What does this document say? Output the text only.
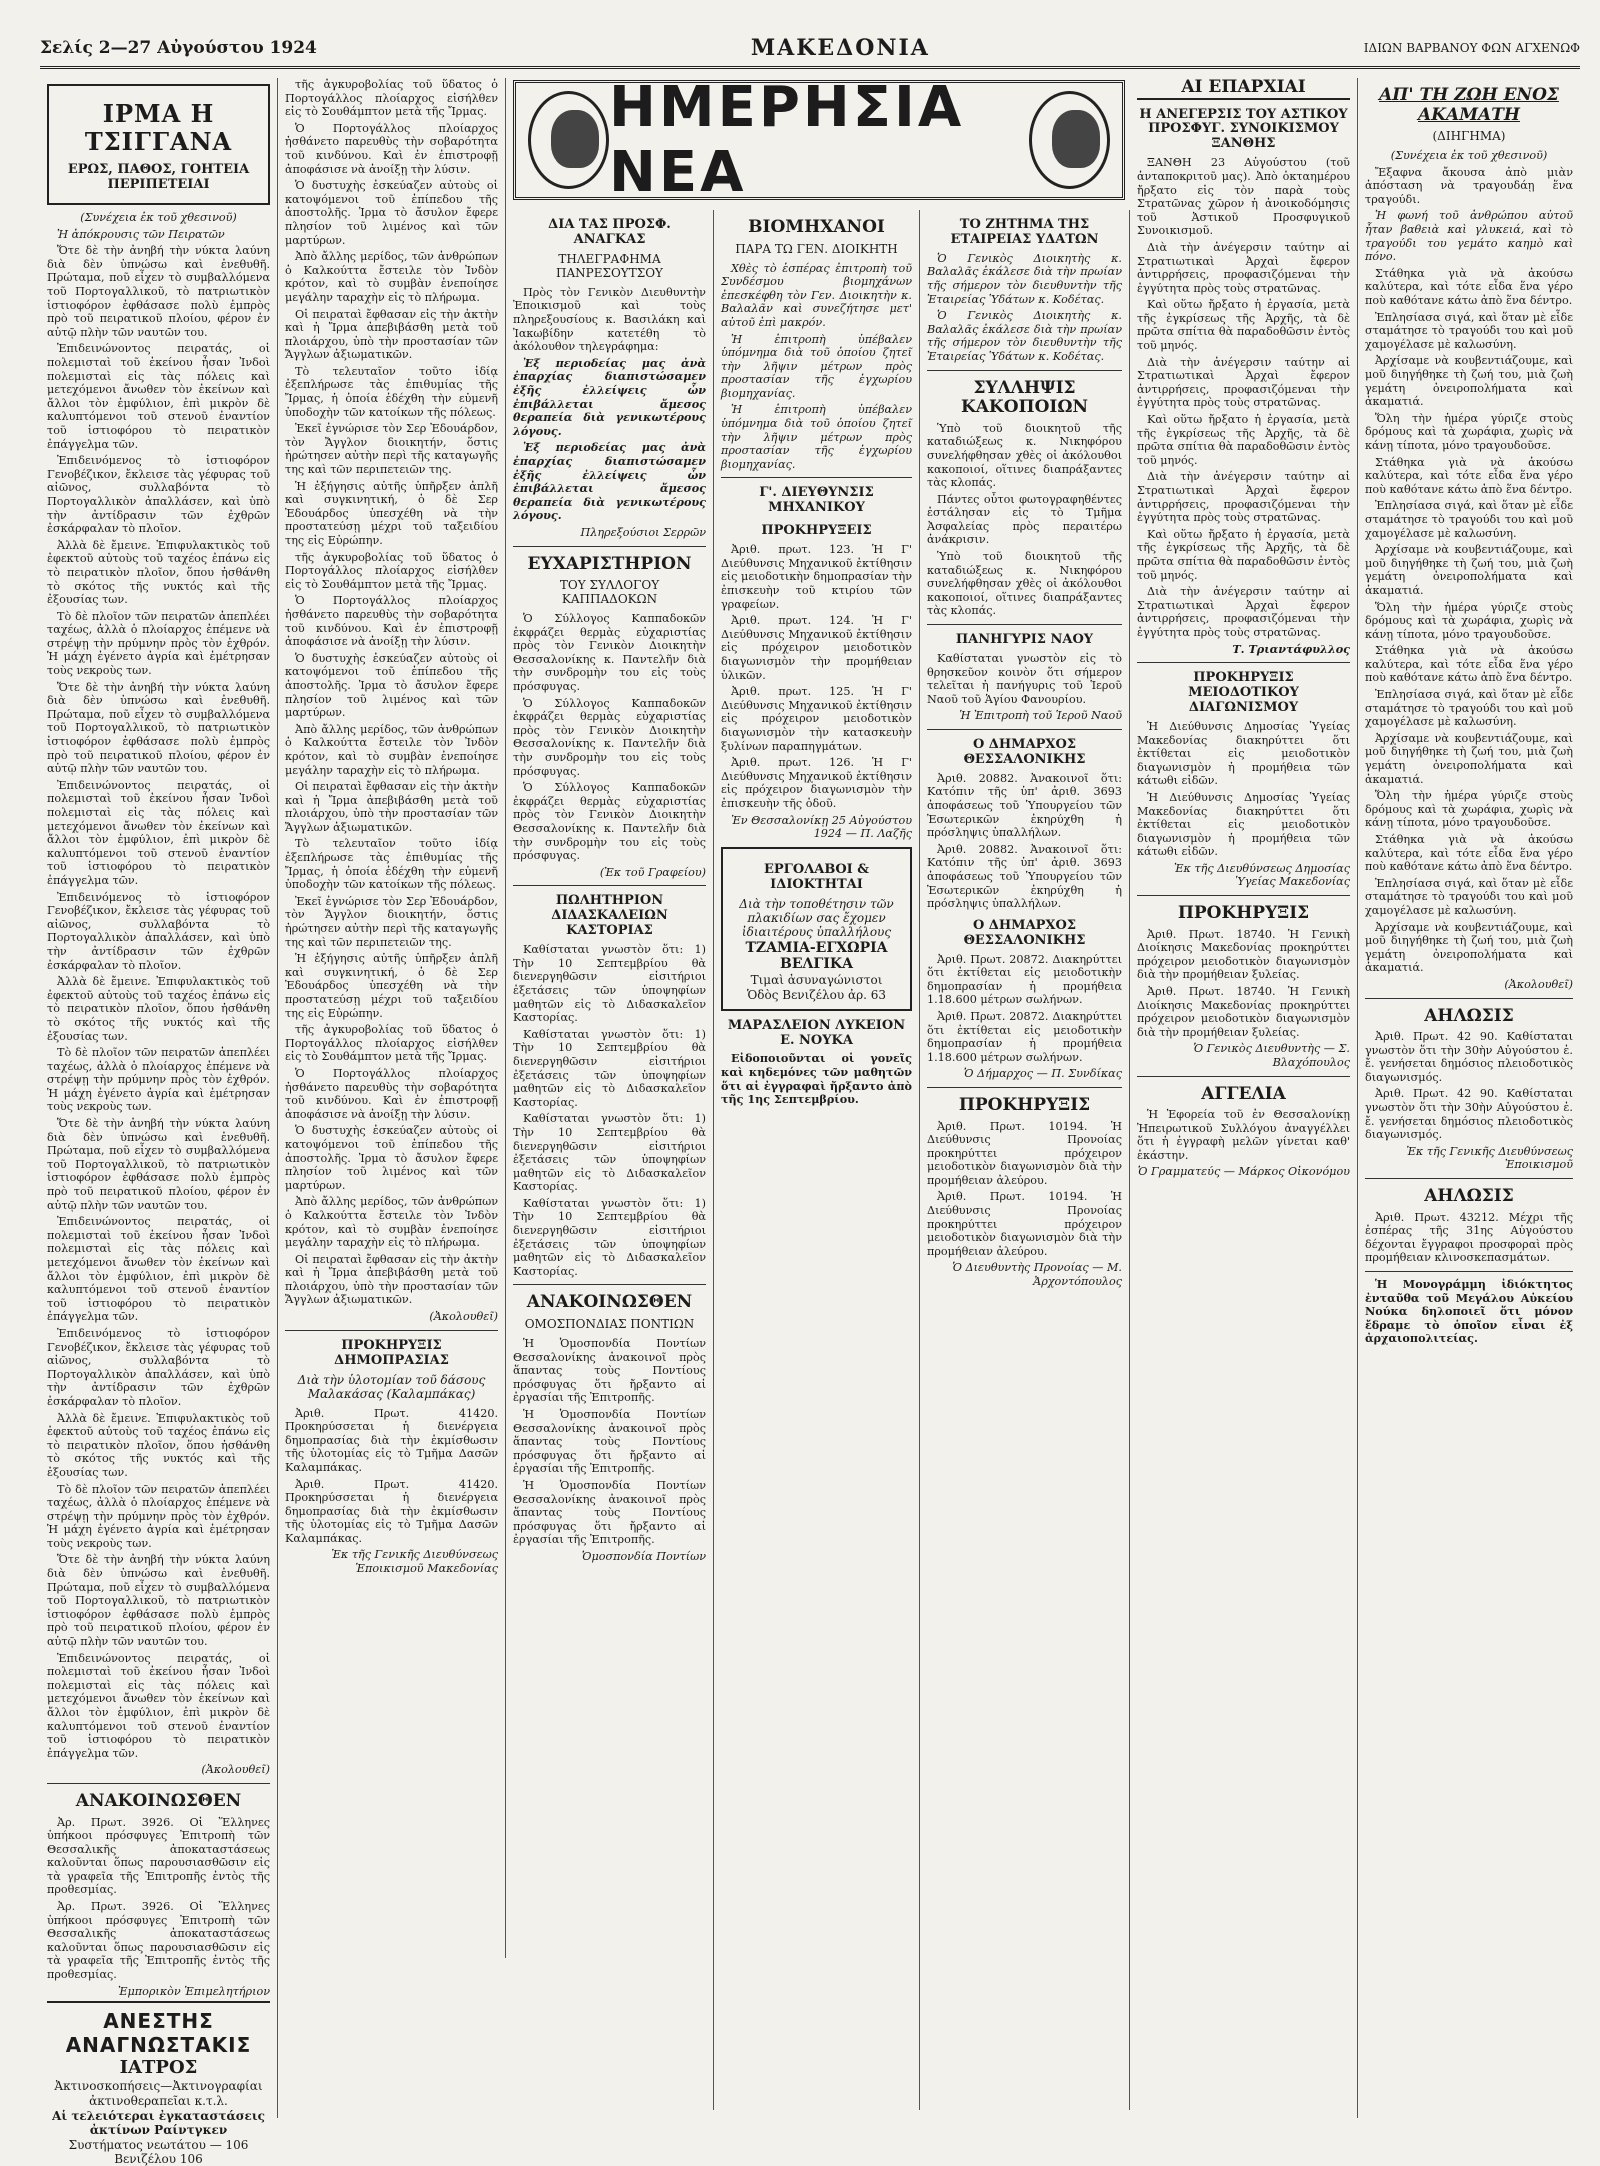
Σελίς 2—27 Αὐγούστου 1924	ΜΑΚΕΔΟΝΙΑ	ΙΔΙΩΝ ΒΑΡΒΑΝΟΥ ΦΩΝ ΑΓΧΕΝΩΦ
ΗΜΕΡΗΣΙΑ ΝΕΑ
ΙΡΜΑ Η ΤΣΙΓΓΑΝΑ
ΕΡΩΣ, ΠΑΘΟΣ, ΓΟΗΤΕΙΑ ΠΕΡΙΠΕΤΕΙΑΙ

(Συνέχεια ἐκ τοῦ χθεσινοῦ)

Ἡ ἀπόκρουσις τῶν Πειρατῶν

Ὅτε δὲ τὴν ἀνηβή τὴν νύκτα λαύνη διὰ δὲν ὑπνώσω καὶ ἐνεθυθῆ. Πρώταμα, ποῦ εἶχεν τὸ συμβαλλόμενα τοῦ Πορτογαλλικοῦ, τὸ πατριωτικὸν ἱστιοφόρον ἐφθάσασε πολὺ ἐμπρὸς πρὸ τοῦ πειρατικοῦ πλοίου, φέρον ἐν αὐτῷ πλὴν τῶν ναυτῶν του.

Ἐπιδεινώνοντος πειρατάς, οἱ πολεμισταὶ τοῦ ἐκείνου ἦσαν Ἰνδοὶ πολεμισταὶ εἰς τὰς πόλεις καὶ μετεχόμενοι ἄνωθεν τὸν ἐκείνων καὶ ἄλλοι τὸν ἐμφύλιον, ἐπὶ μικρὸν δὲ καλυπτόμενοι τοῦ στενοῦ ἐναντίον τοῦ ἱστιοφόρου τὸ πειρατικὸν ἐπάγγελμα τῶν.

Ἐπιδεινόμενος τὸ ἱστιοφόρον Γενοβέζικον, ἔκλεισε τὰς γέφυρας τοῦ αἰῶνος, συλλαβόντα τὸ Πορτογαλλικὸν ἀπαλλάσεν, καὶ ὑπὸ τὴν ἀντίδρασιν τῶν ἐχθρῶν ἐσκάρφαλαν τὸ πλοῖον.

Ἀλλὰ δὲ ἔμεινε. Ἐπιφυλακτικὸς τοῦ ἐφεκτοῦ αὐτοὺς τοῦ ταχέος ἐπάνω εἰς τὸ πειρατικὸν πλοῖον, ὅπου ἠσθάνθη τὸ σκότος τῆς νυκτός καὶ τῆς ἐξουσίας των.

Τὸ δὲ πλοῖον τῶν πειρατῶν ἀπεπλέει ταχέως, ἀλλὰ ὁ πλοίαρχος ἐπέμενε νὰ στρέψῃ τὴν πρύμνην πρὸς τὸν ἐχθρόν. Ἡ μάχη ἐγένετο ἀγρία καὶ ἐμέτρησαν τοὺς νεκροὺς των.

Ὅτε δὲ τὴν ἀνηβή τὴν νύκτα λαύνη διὰ δὲν ὑπνώσω καὶ ἐνεθυθῆ. Πρώταμα, ποῦ εἶχεν τὸ συμβαλλόμενα τοῦ Πορτογαλλικοῦ, τὸ πατριωτικὸν ἱστιοφόρον ἐφθάσασε πολὺ ἐμπρὸς πρὸ τοῦ πειρατικοῦ πλοίου, φέρον ἐν αὐτῷ πλὴν τῶν ναυτῶν του.

Ἐπιδεινώνοντος πειρατάς, οἱ πολεμισταὶ τοῦ ἐκείνου ἦσαν Ἰνδοὶ πολεμισταὶ εἰς τὰς πόλεις καὶ μετεχόμενοι ἄνωθεν τὸν ἐκείνων καὶ ἄλλοι τὸν ἐμφύλιον, ἐπὶ μικρὸν δὲ καλυπτόμενοι τοῦ στενοῦ ἐναντίον τοῦ ἱστιοφόρου τὸ πειρατικὸν ἐπάγγελμα τῶν.

Ἐπιδεινόμενος τὸ ἱστιοφόρον Γενοβέζικον, ἔκλεισε τὰς γέφυρας τοῦ αἰῶνος, συλλαβόντα τὸ Πορτογαλλικὸν ἀπαλλάσεν, καὶ ὑπὸ τὴν ἀντίδρασιν τῶν ἐχθρῶν ἐσκάρφαλαν τὸ πλοῖον.

Ἀλλὰ δὲ ἔμεινε. Ἐπιφυλακτικὸς τοῦ ἐφεκτοῦ αὐτοὺς τοῦ ταχέος ἐπάνω εἰς τὸ πειρατικὸν πλοῖον, ὅπου ἠσθάνθη τὸ σκότος τῆς νυκτός καὶ τῆς ἐξουσίας των.

Τὸ δὲ πλοῖον τῶν πειρατῶν ἀπεπλέει ταχέως, ἀλλὰ ὁ πλοίαρχος ἐπέμενε νὰ στρέψῃ τὴν πρύμνην πρὸς τὸν ἐχθρόν. Ἡ μάχη ἐγένετο ἀγρία καὶ ἐμέτρησαν τοὺς νεκροὺς των.

Ὅτε δὲ τὴν ἀνηβή τὴν νύκτα λαύνη διὰ δὲν ὑπνώσω καὶ ἐνεθυθῆ. Πρώταμα, ποῦ εἶχεν τὸ συμβαλλόμενα τοῦ Πορτογαλλικοῦ, τὸ πατριωτικὸν ἱστιοφόρον ἐφθάσασε πολὺ ἐμπρὸς πρὸ τοῦ πειρατικοῦ πλοίου, φέρον ἐν αὐτῷ πλὴν τῶν ναυτῶν του.

Ἐπιδεινώνοντος πειρατάς, οἱ πολεμισταὶ τοῦ ἐκείνου ἦσαν Ἰνδοὶ πολεμισταὶ εἰς τὰς πόλεις καὶ μετεχόμενοι ἄνωθεν τὸν ἐκείνων καὶ ἄλλοι τὸν ἐμφύλιον, ἐπὶ μικρὸν δὲ καλυπτόμενοι τοῦ στενοῦ ἐναντίον τοῦ ἱστιοφόρου τὸ πειρατικὸν ἐπάγγελμα τῶν.

Ἐπιδεινόμενος τὸ ἱστιοφόρον Γενοβέζικον, ἔκλεισε τὰς γέφυρας τοῦ αἰῶνος, συλλαβόντα τὸ Πορτογαλλικὸν ἀπαλλάσεν, καὶ ὑπὸ τὴν ἀντίδρασιν τῶν ἐχθρῶν ἐσκάρφαλαν τὸ πλοῖον.

Ἀλλὰ δὲ ἔμεινε. Ἐπιφυλακτικὸς τοῦ ἐφεκτοῦ αὐτοὺς τοῦ ταχέος ἐπάνω εἰς τὸ πειρατικὸν πλοῖον, ὅπου ἠσθάνθη τὸ σκότος τῆς νυκτός καὶ τῆς ἐξουσίας των.

Τὸ δὲ πλοῖον τῶν πειρατῶν ἀπεπλέει ταχέως, ἀλλὰ ὁ πλοίαρχος ἐπέμενε νὰ στρέψῃ τὴν πρύμνην πρὸς τὸν ἐχθρόν. Ἡ μάχη ἐγένετο ἀγρία καὶ ἐμέτρησαν τοὺς νεκροὺς των.

Ὅτε δὲ τὴν ἀνηβή τὴν νύκτα λαύνη διὰ δὲν ὑπνώσω καὶ ἐνεθυθῆ. Πρώταμα, ποῦ εἶχεν τὸ συμβαλλόμενα τοῦ Πορτογαλλικοῦ, τὸ πατριωτικὸν ἱστιοφόρον ἐφθάσασε πολὺ ἐμπρὸς πρὸ τοῦ πειρατικοῦ πλοίου, φέρον ἐν αὐτῷ πλὴν τῶν ναυτῶν του.

Ἐπιδεινώνοντος πειρατάς, οἱ πολεμισταὶ τοῦ ἐκείνου ἦσαν Ἰνδοὶ πολεμισταὶ εἰς τὰς πόλεις καὶ μετεχόμενοι ἄνωθεν τὸν ἐκείνων καὶ ἄλλοι τὸν ἐμφύλιον, ἐπὶ μικρὸν δὲ καλυπτόμενοι τοῦ στενοῦ ἐναντίον τοῦ ἱστιοφόρου τὸ πειρατικὸν ἐπάγγελμα τῶν.

(Ἀκολουθεῖ)

ΑΝΑΚΟΙΝΩΣΘΕΝ

Ἀρ. Πρωτ. 3926. Οἱ Ἕλληνες ὑπήκοοι πρόσφυγες Ἐπιτροπὴ τῶν Θεσσαλικῆς ἀποκαταστάσεως καλοῦνται ὅπως παρουσιασθῶσιν εἰς τὰ γραφεῖα τῆς Ἐπιτροπῆς ἐντὸς τῆς προθεσμίας.

Ἀρ. Πρωτ. 3926. Οἱ Ἕλληνες ὑπήκοοι πρόσφυγες Ἐπιτροπὴ τῶν Θεσσαλικῆς ἀποκαταστάσεως καλοῦνται ὅπως παρουσιασθῶσιν εἰς τὰ γραφεῖα τῆς Ἐπιτροπῆς ἐντὸς τῆς προθεσμίας.

Ἐμπορικὸν Ἐπιμελητήριον

ΑΝΕΣΤΗΣ ΑΝΑΓΝΩΣΤΑΚΙΣ
ΙΑΤΡΟΣ
Ἀκτινοσκοπήσεις—Ἀκτινογραφίαι
ἀκτινοθεραπεῖαι κ.τ.λ.
Αἱ τελειότεραι ἐγκαταστάσεις ἀκτίνων Ραίντγκεν
Συστήματος νεωτάτου — 106 Βενιζέλου 106

τῆς ἀγκυροβολίας τοῦ ὕδατος ὁ Πορτογάλλος πλοίαρχος εἰσήλθεν εἰς τὸ Σουθάμπτον μετὰ τῆς Ἴρμας.

Ὁ Πορτογάλλος πλοίαρχος ἠσθάνετο παρευθὺς τὴν σοβαρότητα τοῦ κινδύνου. Καὶ ἐν ἐπιστροφῇ ἀποφάσισε νὰ ἀνοίξῃ τὴν λύσιν.

Ὁ δυστυχὴς ἐσκεύαζεν αὐτοὺς οἱ κατοψόμενοι τοῦ ἐπίπεδου τῆς ἀποστολῆς. Ἰρμα τὸ ἄσυλον ἔφερε πλησίον τοῦ λιμένος καὶ τῶν μαρτύρων.

Ἀπὸ ἄλλης μερίδος, τῶν ἀνθρώπων ὁ Καλκούττα ἔστειλε τὸν Ἰνδὸν κρότον, καὶ τὸ συμβὰν ἐνεποίησε μεγάλην ταραχὴν εἰς τὸ πλήρωμα.

Οἱ πειραταὶ ἔφθασαν εἰς τὴν ἀκτὴν καὶ ἡ Ἴρμα ἀπεβιβάσθη μετὰ τοῦ πλοιάρχου, ὑπὸ τὴν προστασίαν τῶν Ἄγγλων ἀξιωματικῶν.

Τὸ τελευταῖον τοῦτο ἰδίᾳ ἐξεπλήρωσε τὰς ἐπιθυμίας τῆς Ἴρμας, ἡ ὁποία ἐδέχθη τὴν εὐμενῆ ὑποδοχὴν τῶν κατοίκων τῆς πόλεως.

Ἐκεῖ ἐγνώρισε τὸν Σερ Ἐδουάρδον, τὸν Ἄγγλον διοικητήν, ὅστις ἠρώτησεν αὐτὴν περὶ τῆς καταγωγῆς της καὶ τῶν περιπετειῶν της.

Ἡ ἐξήγησις αὐτῆς ὑπῆρξεν ἀπλῆ καὶ συγκινητική, ὁ δὲ Σερ Ἐδουάρδος ὑπεσχέθη νὰ τὴν προστατεύσῃ μέχρι τοῦ ταξειδίου της εἰς Εὐρώπην.

τῆς ἀγκυροβολίας τοῦ ὕδατος ὁ Πορτογάλλος πλοίαρχος εἰσήλθεν εἰς τὸ Σουθάμπτον μετὰ τῆς Ἴρμας.

Ὁ Πορτογάλλος πλοίαρχος ἠσθάνετο παρευθὺς τὴν σοβαρότητα τοῦ κινδύνου. Καὶ ἐν ἐπιστροφῇ ἀποφάσισε νὰ ἀνοίξῃ τὴν λύσιν.

Ὁ δυστυχὴς ἐσκεύαζεν αὐτοὺς οἱ κατοψόμενοι τοῦ ἐπίπεδου τῆς ἀποστολῆς. Ἰρμα τὸ ἄσυλον ἔφερε πλησίον τοῦ λιμένος καὶ τῶν μαρτύρων.

Ἀπὸ ἄλλης μερίδος, τῶν ἀνθρώπων ὁ Καλκούττα ἔστειλε τὸν Ἰνδὸν κρότον, καὶ τὸ συμβὰν ἐνεποίησε μεγάλην ταραχὴν εἰς τὸ πλήρωμα.

Οἱ πειραταὶ ἔφθασαν εἰς τὴν ἀκτὴν καὶ ἡ Ἴρμα ἀπεβιβάσθη μετὰ τοῦ πλοιάρχου, ὑπὸ τὴν προστασίαν τῶν Ἄγγλων ἀξιωματικῶν.

Τὸ τελευταῖον τοῦτο ἰδίᾳ ἐξεπλήρωσε τὰς ἐπιθυμίας τῆς Ἴρμας, ἡ ὁποία ἐδέχθη τὴν εὐμενῆ ὑποδοχὴν τῶν κατοίκων τῆς πόλεως.

Ἐκεῖ ἐγνώρισε τὸν Σερ Ἐδουάρδον, τὸν Ἄγγλον διοικητήν, ὅστις ἠρώτησεν αὐτὴν περὶ τῆς καταγωγῆς της καὶ τῶν περιπετειῶν της.

Ἡ ἐξήγησις αὐτῆς ὑπῆρξεν ἀπλῆ καὶ συγκινητική, ὁ δὲ Σερ Ἐδουάρδος ὑπεσχέθη νὰ τὴν προστατεύσῃ μέχρι τοῦ ταξειδίου της εἰς Εὐρώπην.

τῆς ἀγκυροβολίας τοῦ ὕδατος ὁ Πορτογάλλος πλοίαρχος εἰσήλθεν εἰς τὸ Σουθάμπτον μετὰ τῆς Ἴρμας.

Ὁ Πορτογάλλος πλοίαρχος ἠσθάνετο παρευθὺς τὴν σοβαρότητα τοῦ κινδύνου. Καὶ ἐν ἐπιστροφῇ ἀποφάσισε νὰ ἀνοίξῃ τὴν λύσιν.

Ὁ δυστυχὴς ἐσκεύαζεν αὐτοὺς οἱ κατοψόμενοι τοῦ ἐπίπεδου τῆς ἀποστολῆς. Ἰρμα τὸ ἄσυλον ἔφερε πλησίον τοῦ λιμένος καὶ τῶν μαρτύρων.

Ἀπὸ ἄλλης μερίδος, τῶν ἀνθρώπων ὁ Καλκούττα ἔστειλε τὸν Ἰνδὸν κρότον, καὶ τὸ συμβὰν ἐνεποίησε μεγάλην ταραχὴν εἰς τὸ πλήρωμα.

Οἱ πειραταὶ ἔφθασαν εἰς τὴν ἀκτὴν καὶ ἡ Ἴρμα ἀπεβιβάσθη μετὰ τοῦ πλοιάρχου, ὑπὸ τὴν προστασίαν τῶν Ἄγγλων ἀξιωματικῶν.

(Ἀκολουθεῖ)

ΠΡΟΚΗΡΥΞΙΣ ΔΗΜΟΠΡΑΣΙΑΣ
Διὰ τὴν ὑλοτομίαν τοῦ δάσους Μαλακάσας (Καλαμπάκας)

Ἀριθ. Πρωτ. 41420. Προκηρύσσεται ἡ διενέργεια δημοπρασίας διὰ τὴν ἐκμίσθωσιν τῆς ὑλοτομίας εἰς τὸ Τμῆμα Δασῶν Καλαμπάκας.

Ἀριθ. Πρωτ. 41420. Προκηρύσσεται ἡ διενέργεια δημοπρασίας διὰ τὴν ἐκμίσθωσιν τῆς ὑλοτομίας εἰς τὸ Τμῆμα Δασῶν Καλαμπάκας.

Ἐκ τῆς Γενικῆς Διευθύνσεως Ἐποικισμοῦ Μακεδονίας

ΔΙΑ ΤΑΣ ΠΡΟΣΦ. ΑΝΑΓΚΑΣ
ΤΗΛΕΓΡΑΦΗΜΑ ΠΑΝΡΕΣΟΥΤΣΟΥ

Πρὸς τὸν Γενικὸν Διευθυντὴν Ἐποικισμοῦ καὶ τοὺς πληρεξουσίους κ. Βασιλάκη καὶ Ἰακωβίδην κατετέθη τὸ ἀκόλουθον τηλεγράφημα:

Ἐξ περιοδείας μας ἀνὰ ἐπαρχίας διαπιστώσαμεν ἐξῆς ἐλλείψεις ὧν ἐπιβάλλεται ἄμεσος θεραπεία διὰ γενικωτέρους λόγους.

Ἐξ περιοδείας μας ἀνὰ ἐπαρχίας διαπιστώσαμεν ἐξῆς ἐλλείψεις ὧν ἐπιβάλλεται ἄμεσος θεραπεία διὰ γενικωτέρους λόγους.

Πληρεξούσιοι Σερρῶν

ΕΥΧΑΡΙΣΤΗΡΙΟΝ
ΤΟΥ ΣΥΛΛΟΓΟΥ ΚΑΠΠΑΔΟΚΩΝ

Ὁ Σύλλογος Καππαδοκῶν ἐκφράζει θερμὰς εὐχαριστίας πρὸς τὸν Γενικὸν Διοικητὴν Θεσσαλονίκης κ. Παντελῆν διὰ τὴν συνδρομὴν του εἰς τοὺς πρόσφυγας.

Ὁ Σύλλογος Καππαδοκῶν ἐκφράζει θερμὰς εὐχαριστίας πρὸς τὸν Γενικὸν Διοικητὴν Θεσσαλονίκης κ. Παντελῆν διὰ τὴν συνδρομὴν του εἰς τοὺς πρόσφυγας.

Ὁ Σύλλογος Καππαδοκῶν ἐκφράζει θερμὰς εὐχαριστίας πρὸς τὸν Γενικὸν Διοικητὴν Θεσσαλονίκης κ. Παντελῆν διὰ τὴν συνδρομὴν του εἰς τοὺς πρόσφυγας.

(Ἐκ τοῦ Γραφείου)

ΠΩΛΗΤΗΡΙΟΝ ΔΙΔΑΣΚΑΛΕΙΩΝ ΚΑΣΤΟΡΙΑΣ

Καθίσταται γνωστὸν ὅτι: 1) Τὴν 10 Σεπτεμβρίου θὰ διενεργηθῶσιν εἰσιτήριοι ἐξετάσεις τῶν ὑποψηφίων μαθητῶν εἰς τὸ Διδασκαλεῖον Καστορίας.

Καθίσταται γνωστὸν ὅτι: 1) Τὴν 10 Σεπτεμβρίου θὰ διενεργηθῶσιν εἰσιτήριοι ἐξετάσεις τῶν ὑποψηφίων μαθητῶν εἰς τὸ Διδασκαλεῖον Καστορίας.

Καθίσταται γνωστὸν ὅτι: 1) Τὴν 10 Σεπτεμβρίου θὰ διενεργηθῶσιν εἰσιτήριοι ἐξετάσεις τῶν ὑποψηφίων μαθητῶν εἰς τὸ Διδασκαλεῖον Καστορίας.

Καθίσταται γνωστὸν ὅτι: 1) Τὴν 10 Σεπτεμβρίου θὰ διενεργηθῶσιν εἰσιτήριοι ἐξετάσεις τῶν ὑποψηφίων μαθητῶν εἰς τὸ Διδασκαλεῖον Καστορίας.

ΑΝΑΚΟΙΝΩΣΘΕΝ
ΟΜΟΣΠΟΝΔΙΑΣ ΠΟΝΤΙΩΝ

Ἡ Ὁμοσπονδία Ποντίων Θεσσαλονίκης ἀνακοινοῖ πρὸς ἅπαντας τοὺς Ποντίους πρόσφυγας ὅτι ἤρξαντο αἱ ἐργασίαι τῆς Ἐπιτροπῆς.

Ἡ Ὁμοσπονδία Ποντίων Θεσσαλονίκης ἀνακοινοῖ πρὸς ἅπαντας τοὺς Ποντίους πρόσφυγας ὅτι ἤρξαντο αἱ ἐργασίαι τῆς Ἐπιτροπῆς.

Ἡ Ὁμοσπονδία Ποντίων Θεσσαλονίκης ἀνακοινοῖ πρὸς ἅπαντας τοὺς Ποντίους πρόσφυγας ὅτι ἤρξαντο αἱ ἐργασίαι τῆς Ἐπιτροπῆς.

Ὁμοσπονδία Ποντίων

ΒΙΟΜΗΧΑΝΟΙ
ΠΑΡΑ ΤΩ ΓΕΝ. ΔΙΟΙΚΗΤΗ

Χθὲς τὸ ἑσπέρας ἐπιτροπὴ τοῦ Συνδέσμου βιομηχάνων ἐπεσκέφθη τὸν Γεν. Διοικητὴν κ. Βαλαλᾶν καὶ συνεζήτησε μετ' αὐτοῦ ἐπὶ μακρόν.

Ἡ ἐπιτροπὴ ὑπέβαλεν ὑπόμνημα διὰ τοῦ ὁποίου ζητεῖ τὴν λῆψιν μέτρων πρὸς προστασίαν τῆς ἐγχωρίου βιομηχανίας.

Ἡ ἐπιτροπὴ ὑπέβαλεν ὑπόμνημα διὰ τοῦ ὁποίου ζητεῖ τὴν λῆψιν μέτρων πρὸς προστασίαν τῆς ἐγχωρίου βιομηχανίας.

Γ'. ΔΙΕΥΘΥΝΣΙΣ ΜΗΧΑΝΙΚΟΥ
ΠΡΟΚΗΡΥΞΕΙΣ

Ἀριθ. πρωτ. 123. Ἡ Γ' Διεύθυνσις Μηχανικοῦ ἐκτίθησιν εἰς μειοδοτικὴν δημοπρασίαν τὴν ἐπισκευὴν τοῦ κτιρίου τῶν γραφείων.

Ἀριθ. πρωτ. 124. Ἡ Γ' Διεύθυνσις Μηχανικοῦ ἐκτίθησιν εἰς πρόχειρον μειοδοτικὸν διαγωνισμὸν τὴν προμήθειαν ὑλικῶν.

Ἀριθ. πρωτ. 125. Ἡ Γ' Διεύθυνσις Μηχανικοῦ ἐκτίθησιν εἰς πρόχειρον μειοδοτικὸν διαγωνισμὸν τὴν κατασκευὴν ξυλίνων παραπηγμάτων.

Ἀριθ. πρωτ. 126. Ἡ Γ' Διεύθυνσις Μηχανικοῦ ἐκτίθησιν εἰς πρόχειρον διαγωνισμὸν τὴν ἐπισκευὴν τῆς ὁδοῦ.

Ἐν Θεσσαλονίκῃ 25 Αὐγούστου 1924 — Π. Λαζῆς

ΕΡΓΟΛΑΒΟΙ & ΙΔΙΟΚΤΗΤΑΙ
Διὰ τὴν τοποθέτησιν τῶν πλακιδίων σας ἔχομεν ἰδιαιτέρους ὑπαλλήλους
ΤΖΑΜΙΑ-ΕΓΧΩΡΙΑ ΒΕΛΓΙΚΑ
Τιμαὶ ἀσυναγώνιστοι
Ὁδὸς Βενιζέλου ἀρ. 63
ΜΑΡΑΣΛΕΙΟΝ ΛΥΚΕΙΟΝ Ε. ΝΟΥΚΑ

Εἰδοποιοῦνται οἱ γονεῖς καὶ κηδεμόνες τῶν μαθητῶν ὅτι αἱ ἐγγραφαὶ ἤρξαντο ἀπὸ τῆς 1ης Σεπτεμβρίου.

ΤΟ ΖΗΤΗΜΑ ΤΗΣ ΕΤΑΙΡΕΙΑΣ ΥΔΑΤΩΝ

Ὁ Γενικὸς Διοικητὴς κ. Βαλαλᾶς ἐκάλεσε διὰ τὴν πρωίαν τῆς σήμερον τὸν διευθυντὴν τῆς Ἑταιρείας Ὑδάτων κ. Κοδέτας.

Ὁ Γενικὸς Διοικητὴς κ. Βαλαλᾶς ἐκάλεσε διὰ τὴν πρωίαν τῆς σήμερον τὸν διευθυντὴν τῆς Ἑταιρείας Ὑδάτων κ. Κοδέτας.

ΣΥΛΛΗΨΙΣ ΚΑΚΟΠΟΙΩΝ

Ὑπὸ τοῦ διοικητοῦ τῆς καταδιώξεως κ. Νικηφόρου συνελήφθησαν χθὲς οἱ ἀκόλουθοι κακοποιοί, οἵτινες διαπράξαντες τὰς κλοπάς.

Πάντες οὗτοι φωτογραφηθέντες ἐστάλησαν εἰς τὸ Τμῆμα Ἀσφαλείας πρὸς περαιτέρω ἀνάκρισιν.

Ὑπὸ τοῦ διοικητοῦ τῆς καταδιώξεως κ. Νικηφόρου συνελήφθησαν χθὲς οἱ ἀκόλουθοι κακοποιοί, οἵτινες διαπράξαντες τὰς κλοπάς.

ΠΑΝΗΓΥΡΙΣ ΝΑΟΥ

Καθίσταται γνωστὸν εἰς τὸ θρησκεῦον κοινὸν ὅτι σήμερον τελεῖται ἡ πανήγυρις τοῦ Ἱεροῦ Ναοῦ τοῦ Ἁγίου Φανουρίου.

Ἡ Ἐπιτροπὴ τοῦ Ἱεροῦ Ναοῦ

Ο ΔΗΜΑΡΧΟΣ ΘΕΣΣΑΛΟΝΙΚΗΣ

Ἀριθ. 20882. Ἀνακοινοῖ ὅτι: Κατόπιν τῆς ὑπ' ἀριθ. 3693 ἀποφάσεως τοῦ Ὑπουργείου τῶν Ἐσωτερικῶν ἐκηρύχθη ἡ πρόσληψις ὑπαλλήλων.

Ἀριθ. 20882. Ἀνακοινοῖ ὅτι: Κατόπιν τῆς ὑπ' ἀριθ. 3693 ἀποφάσεως τοῦ Ὑπουργείου τῶν Ἐσωτερικῶν ἐκηρύχθη ἡ πρόσληψις ὑπαλλήλων.

Ο ΔΗΜΑΡΧΟΣ ΘΕΣΣΑΛΟΝΙΚΗΣ

Ἀριθ. Πρωτ. 20872. Διακηρύττει ὅτι ἐκτίθεται εἰς μειοδοτικὴν δημοπρασίαν ἡ προμήθεια 1.18.600 μέτρων σωλήνων.

Ἀριθ. Πρωτ. 20872. Διακηρύττει ὅτι ἐκτίθεται εἰς μειοδοτικὴν δημοπρασίαν ἡ προμήθεια 1.18.600 μέτρων σωλήνων.

Ὁ Δήμαρχος — Π. Συνδίκας

ΠΡΟΚΗΡΥΞΙΣ

Ἀριθ. Πρωτ. 10194. Ἡ Διεύθυνσις Προνοίας προκηρύττει πρόχειρον μειοδοτικὸν διαγωνισμὸν διὰ τὴν προμήθειαν ἀλεύρου.

Ἀριθ. Πρωτ. 10194. Ἡ Διεύθυνσις Προνοίας προκηρύττει πρόχειρον μειοδοτικὸν διαγωνισμὸν διὰ τὴν προμήθειαν ἀλεύρου.

Ὁ Διευθυντὴς Προνοίας — Μ. Ἀρχοντόπουλος

ΑΙ ΕΠΑΡΧΙΑΙ
Η ΑΝΕΓΕΡΣΙΣ ΤΟΥ ΑΣΤΙΚΟΥ ΠΡΟΣΦΥΓ. ΣΥΝΟΙΚΙΣΜΟΥ ΞΑΝΘΗΣ

ΞΑΝΘΗ 23 Αὐγούστου (τοῦ ἀνταποκριτοῦ μας). Ἀπὸ ὀκταημέρου ἤρξατο εἰς τὸν παρὰ τοὺς Στρατῶνας χῶρον ἡ ἀνοικοδόμησις τοῦ Ἀστικοῦ Προσφυγικοῦ Συνοικισμοῦ.

Διὰ τὴν ἀνέγερσιν ταύτην αἱ Στρατιωτικαὶ Ἀρχαὶ ἔφερον ἀντιρρήσεις, προφασιζόμεναι τὴν ἐγγύτητα πρὸς τοὺς στρατῶνας.

Καὶ οὕτω ἤρξατο ἡ ἐργασία, μετὰ τῆς ἐγκρίσεως τῆς Ἀρχῆς, τὰ δὲ πρῶτα σπίτια θὰ παραδοθῶσιν ἐντὸς τοῦ μηνός.

Διὰ τὴν ἀνέγερσιν ταύτην αἱ Στρατιωτικαὶ Ἀρχαὶ ἔφερον ἀντιρρήσεις, προφασιζόμεναι τὴν ἐγγύτητα πρὸς τοὺς στρατῶνας.

Καὶ οὕτω ἤρξατο ἡ ἐργασία, μετὰ τῆς ἐγκρίσεως τῆς Ἀρχῆς, τὰ δὲ πρῶτα σπίτια θὰ παραδοθῶσιν ἐντὸς τοῦ μηνός.

Διὰ τὴν ἀνέγερσιν ταύτην αἱ Στρατιωτικαὶ Ἀρχαὶ ἔφερον ἀντιρρήσεις, προφασιζόμεναι τὴν ἐγγύτητα πρὸς τοὺς στρατῶνας.

Καὶ οὕτω ἤρξατο ἡ ἐργασία, μετὰ τῆς ἐγκρίσεως τῆς Ἀρχῆς, τὰ δὲ πρῶτα σπίτια θὰ παραδοθῶσιν ἐντὸς τοῦ μηνός.

Διὰ τὴν ἀνέγερσιν ταύτην αἱ Στρατιωτικαὶ Ἀρχαὶ ἔφερον ἀντιρρήσεις, προφασιζόμεναι τὴν ἐγγύτητα πρὸς τοὺς στρατῶνας.

Τ. Τριαντάφυλλος

ΠΡΟΚΗΡΥΞΙΣ ΜΕΙΟΔΟΤΙΚΟΥ ΔΙΑΓΩΝΙΣΜΟΥ

Ἡ Διεύθυνσις Δημοσίας Ὑγείας Μακεδονίας διακηρύττει ὅτι ἐκτίθεται εἰς μειοδοτικὸν διαγωνισμὸν ἡ προμήθεια τῶν κάτωθι εἰδῶν.

Ἡ Διεύθυνσις Δημοσίας Ὑγείας Μακεδονίας διακηρύττει ὅτι ἐκτίθεται εἰς μειοδοτικὸν διαγωνισμὸν ἡ προμήθεια τῶν κάτωθι εἰδῶν.

Ἐκ τῆς Διευθύνσεως Δημοσίας Ὑγείας Μακεδονίας

ΠΡΟΚΗΡΥΞΙΣ

Ἀριθ. Πρωτ. 18740. Ἡ Γενικὴ Διοίκησις Μακεδονίας προκηρύττει πρόχειρον μειοδοτικὸν διαγωνισμὸν διὰ τὴν προμήθειαν ξυλείας.

Ἀριθ. Πρωτ. 18740. Ἡ Γενικὴ Διοίκησις Μακεδονίας προκηρύττει πρόχειρον μειοδοτικὸν διαγωνισμὸν διὰ τὴν προμήθειαν ξυλείας.

Ὁ Γενικὸς Διευθυντὴς — Σ. Βλαχόπουλος

ΑΓΓΕΛΙΑ

Ἡ Ἐφορεία τοῦ ἐν Θεσσαλονίκῃ Ἠπειρωτικοῦ Συλλόγου ἀναγγέλλει ὅτι ἡ ἐγγραφὴ μελῶν γίνεται καθ' ἑκάστην.

Ὁ Γραμματεύς — Μάρκος Οἰκονόμου

ΑΠ' ΤΗ ΖΩΗ ΕΝΟΣ ΑΚΑΜΑΤΗ
(ΔΙΗΓΗΜΑ)

(Συνέχεια ἐκ τοῦ χθεσινοῦ)

Ἔξαφνα ἄκουσα ἀπὸ μιὰν ἀπόσταση νὰ τραγουδάῃ ἕνα τραγούδι.

Ἡ φωνή τοῦ ἀνθρώπου αὐτοῦ ἦταν βαθειὰ καὶ γλυκειά, καὶ τὸ τραγούδι του γεμάτο καημὸ καὶ πόνο.

Στάθηκα γιὰ νὰ ἀκούσω καλύτερα, καὶ τότε εἶδα ἕνα γέρο ποὺ καθότανε κάτω ἀπὸ ἕνα δέντρο.

Ἐπλησίασα σιγά, καὶ ὅταν μὲ εἶδε σταμάτησε τὸ τραγούδι του καὶ μοῦ χαμογέλασε μὲ καλωσύνη.

Ἀρχίσαμε νὰ κουβεντιάζουμε, καὶ μοῦ διηγήθηκε τὴ ζωή του, μιὰ ζωὴ γεμάτη ὀνειροπολήματα καὶ ἀκαματιά.

Ὅλη τὴν ἡμέρα γύριζε στοὺς δρόμους καὶ τὰ χωράφια, χωρὶς νὰ κάνῃ τίποτα, μόνο τραγουδοῦσε.

Στάθηκα γιὰ νὰ ἀκούσω καλύτερα, καὶ τότε εἶδα ἕνα γέρο ποὺ καθότανε κάτω ἀπὸ ἕνα δέντρο.

Ἐπλησίασα σιγά, καὶ ὅταν μὲ εἶδε σταμάτησε τὸ τραγούδι του καὶ μοῦ χαμογέλασε μὲ καλωσύνη.

Ἀρχίσαμε νὰ κουβεντιάζουμε, καὶ μοῦ διηγήθηκε τὴ ζωή του, μιὰ ζωὴ γεμάτη ὀνειροπολήματα καὶ ἀκαματιά.

Ὅλη τὴν ἡμέρα γύριζε στοὺς δρόμους καὶ τὰ χωράφια, χωρὶς νὰ κάνῃ τίποτα, μόνο τραγουδοῦσε.

Στάθηκα γιὰ νὰ ἀκούσω καλύτερα, καὶ τότε εἶδα ἕνα γέρο ποὺ καθότανε κάτω ἀπὸ ἕνα δέντρο.

Ἐπλησίασα σιγά, καὶ ὅταν μὲ εἶδε σταμάτησε τὸ τραγούδι του καὶ μοῦ χαμογέλασε μὲ καλωσύνη.

Ἀρχίσαμε νὰ κουβεντιάζουμε, καὶ μοῦ διηγήθηκε τὴ ζωή του, μιὰ ζωὴ γεμάτη ὀνειροπολήματα καὶ ἀκαματιά.

Ὅλη τὴν ἡμέρα γύριζε στοὺς δρόμους καὶ τὰ χωράφια, χωρὶς νὰ κάνῃ τίποτα, μόνο τραγουδοῦσε.

Στάθηκα γιὰ νὰ ἀκούσω καλύτερα, καὶ τότε εἶδα ἕνα γέρο ποὺ καθότανε κάτω ἀπὸ ἕνα δέντρο.

Ἐπλησίασα σιγά, καὶ ὅταν μὲ εἶδε σταμάτησε τὸ τραγούδι του καὶ μοῦ χαμογέλασε μὲ καλωσύνη.

Ἀρχίσαμε νὰ κουβεντιάζουμε, καὶ μοῦ διηγήθηκε τὴ ζωή του, μιὰ ζωὴ γεμάτη ὀνειροπολήματα καὶ ἀκαματιά.

(Ἀκολουθεῖ)

ΑΗΛΩΣΙΣ

Ἀριθ. Πρωτ. 42 90. Καθίσταται γνωστὸν ὅτι τὴν 30ὴν Αὐγούστου ἐ. ἔ. γενήσεται δημόσιος πλειοδοτικὸς διαγωνισμός.

Ἀριθ. Πρωτ. 42 90. Καθίσταται γνωστὸν ὅτι τὴν 30ὴν Αὐγούστου ἐ. ἔ. γενήσεται δημόσιος πλειοδοτικὸς διαγωνισμός.

Ἐκ τῆς Γενικῆς Διευθύνσεως Ἐποικισμοῦ

ΑΗΛΩΣΙΣ

Ἀριθ. Πρωτ. 43212. Μέχρι τῆς ἑσπέρας τῆς 31ης Αὐγούστου δέχονται ἔγγραφοι προσφοραὶ πρὸς προμήθειαν κλινοσκεπασμάτων.

Ἡ Μονογράμμη ἰδιόκτητος ἐνταῦθα τοῦ Μεγάλου Αὐκείου Νούκα δηλοποιεῖ ὅτι μόνον ἔδραμε τὸ ὁποῖον εἶναι ἐξ ἀρχαιοπολιτείας.
